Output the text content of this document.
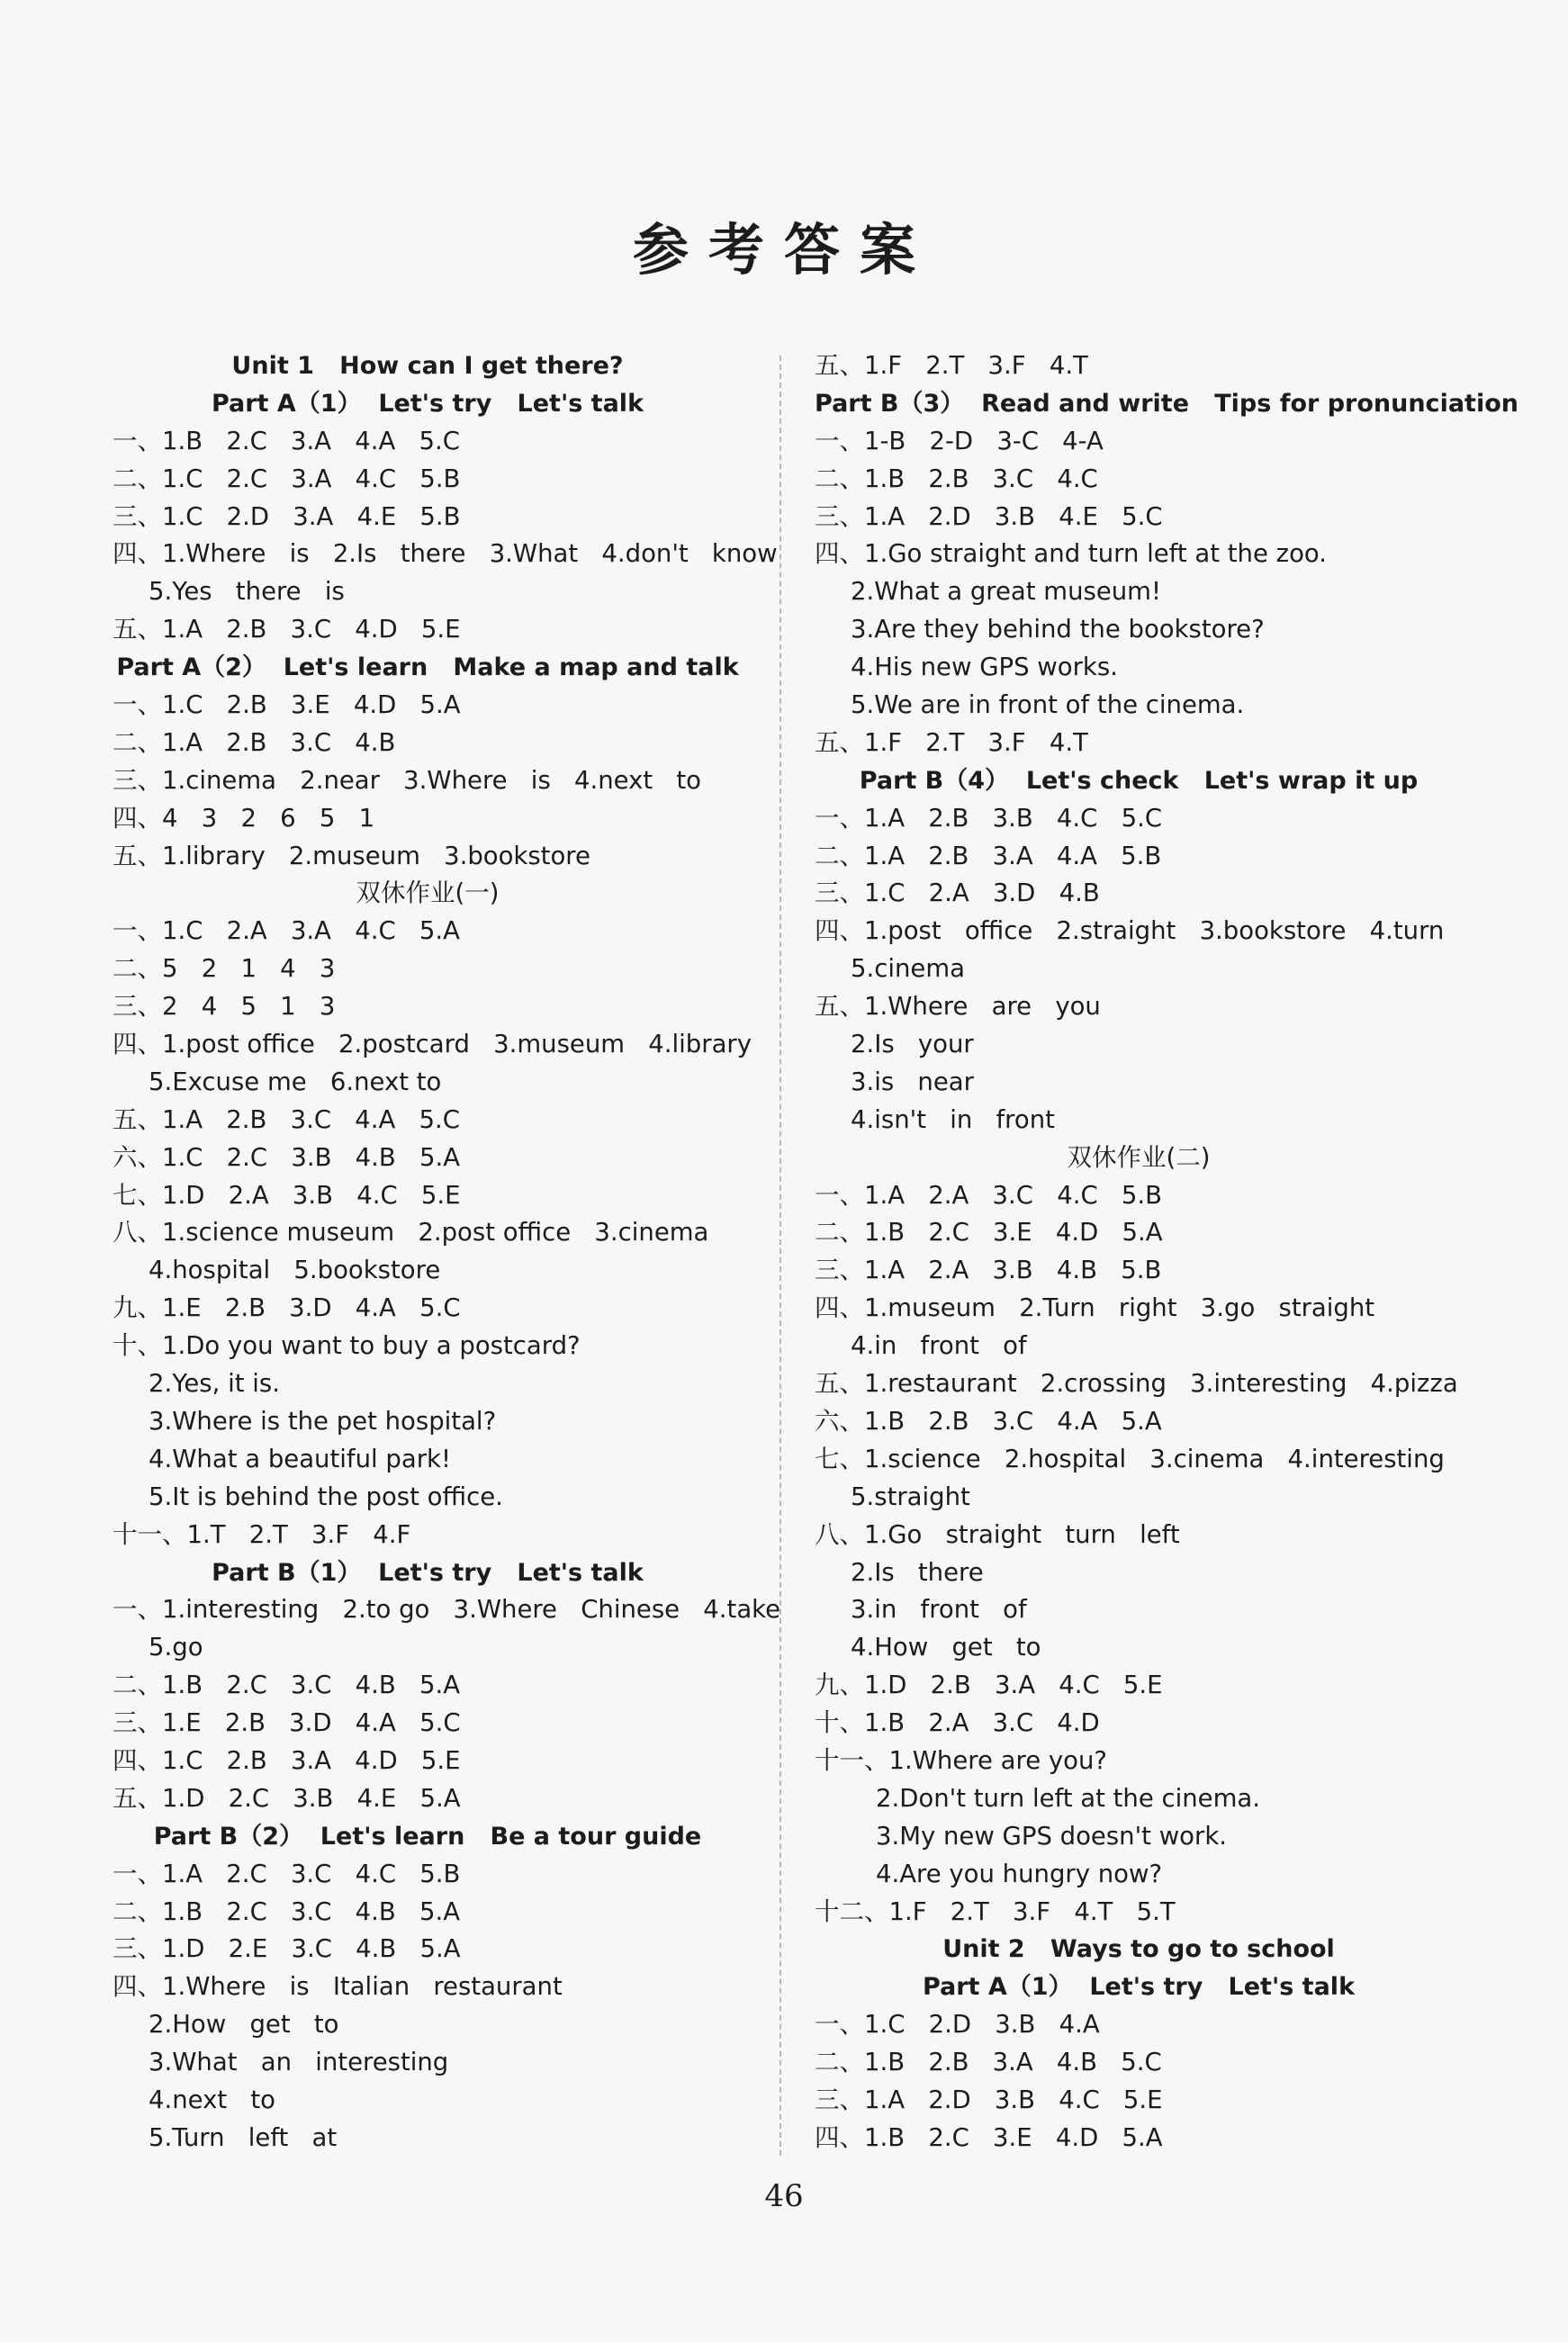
参考答案
Unit 1   How can I get there?
Part A（1）  Let's try   Let's talk
一、1.B   2.C   3.A   4.A   5.C
二、1.C   2.C   3.A   4.C   5.B
三、1.C   2.D   3.A   4.E   5.B
四、1.Where   is   2.Is   there   3.What   4.don't   know
5.Yes   there   is
五、1.A   2.B   3.C   4.D   5.E
Part A（2）  Let's learn   Make a map and talk
一、1.C   2.B   3.E   4.D   5.A
二、1.A   2.B   3.C   4.B
三、1.cinema   2.near   3.Where   is   4.next   to
四、4   3   2   6   5   1
五、1.library   2.museum   3.bookstore
双休作业(一)
一、1.C   2.A   3.A   4.C   5.A
二、5   2   1   4   3
三、2   4   5   1   3
四、1.post office   2.postcard   3.museum   4.library
5.Excuse me   6.next to
五、1.A   2.B   3.C   4.A   5.C
六、1.C   2.C   3.B   4.B   5.A
七、1.D   2.A   3.B   4.C   5.E
八、1.science museum   2.post office   3.cinema
4.hospital   5.bookstore
九、1.E   2.B   3.D   4.A   5.C
十、1.Do you want to buy a postcard?
2.Yes, it is.
3.Where is the pet hospital?
4.What a beautiful park!
5.It is behind the post office.
十一、1.T   2.T   3.F   4.F
Part B（1）  Let's try   Let's talk
一、1.interesting   2.to go   3.Where   Chinese   4.take
5.go
二、1.B   2.C   3.C   4.B   5.A
三、1.E   2.B   3.D   4.A   5.C
四、1.C   2.B   3.A   4.D   5.E
五、1.D   2.C   3.B   4.E   5.A
Part B（2）  Let's learn   Be a tour guide
一、1.A   2.C   3.C   4.C   5.B
二、1.B   2.C   3.C   4.B   5.A
三、1.D   2.E   3.C   4.B   5.A
四、1.Where   is   Italian   restaurant
2.How   get   to
3.What   an   interesting
4.next   to
5.Turn   left   at
五、1.F   2.T   3.F   4.T
Part B（3）  Read and write   Tips for pronunciation
一、1-B   2-D   3-C   4-A
二、1.B   2.B   3.C   4.C
三、1.A   2.D   3.B   4.E   5.C
四、1.Go straight and turn left at the zoo.
2.What a great museum!
3.Are they behind the bookstore?
4.His new GPS works.
5.We are in front of the cinema.
五、1.F   2.T   3.F   4.T
Part B（4）  Let's check   Let's wrap it up
一、1.A   2.B   3.B   4.C   5.C
二、1.A   2.B   3.A   4.A   5.B
三、1.C   2.A   3.D   4.B
四、1.post   office   2.straight   3.bookstore   4.turn
5.cinema
五、1.Where   are   you
2.Is   your
3.is   near
4.isn't   in   front
双休作业(二)
一、1.A   2.A   3.C   4.C   5.B
二、1.B   2.C   3.E   4.D   5.A
三、1.A   2.A   3.B   4.B   5.B
四、1.museum   2.Turn   right   3.go   straight
4.in   front   of
五、1.restaurant   2.crossing   3.interesting   4.pizza
六、1.B   2.B   3.C   4.A   5.A
七、1.science   2.hospital   3.cinema   4.interesting
5.straight
八、1.Go   straight   turn   left
2.Is   there
3.in   front   of
4.How   get   to
九、1.D   2.B   3.A   4.C   5.E
十、1.B   2.A   3.C   4.D
十一、1.Where are you?
2.Don't turn left at the cinema.
3.My new GPS doesn't work.
4.Are you hungry now?
十二、1.F   2.T   3.F   4.T   5.T
Unit 2   Ways to go to school
Part A（1）  Let's try   Let's talk
一、1.C   2.D   3.B   4.A
二、1.B   2.B   3.A   4.B   5.C
三、1.A   2.D   3.B   4.C   5.E
四、1.B   2.C   3.E   4.D   5.A
46
